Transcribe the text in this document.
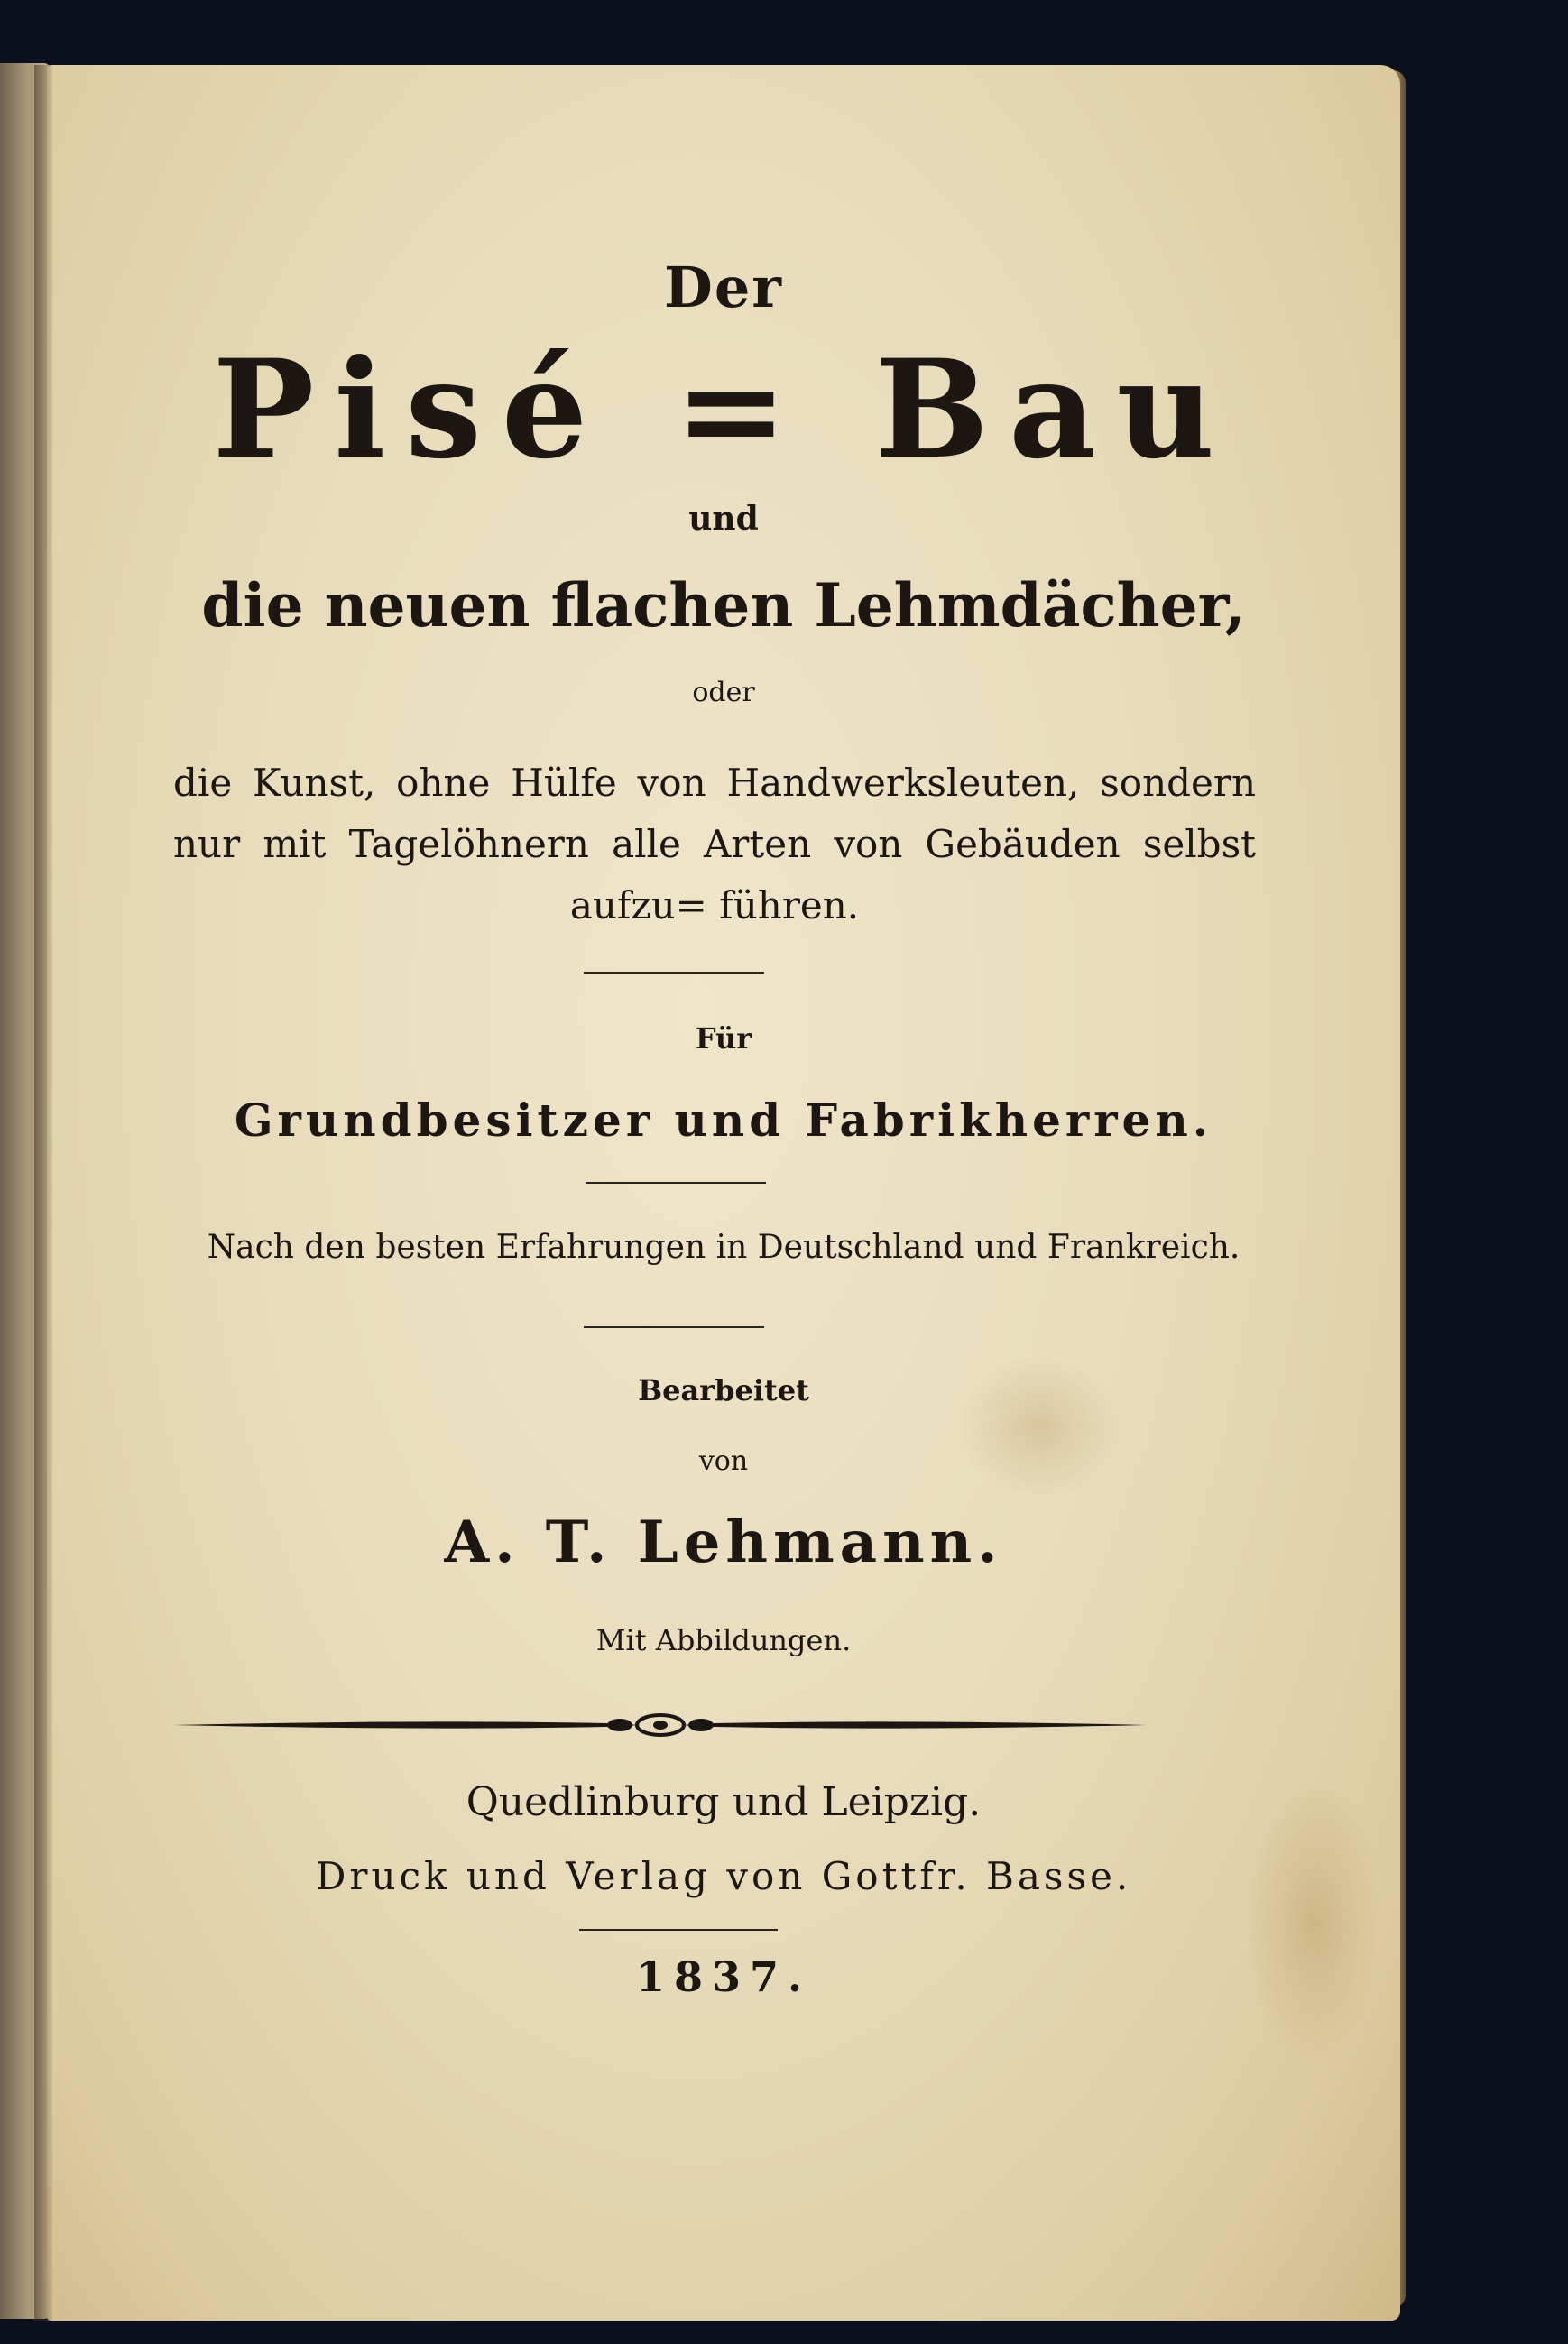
Der
Pisé = Bau
und
die neuen flachen Lehmdächer,
oder
die Kunst, ohne Hülfe von Handwerksleuten, sondern nur mit Tagelöhnern alle Arten von Gebäuden selbst aufzu= führen.
Für
Grundbesitzer und Fabrikherren.
Nach den besten Erfahrungen in Deutschland und Frankreich.
Bearbeitet
von
A. T. Lehmann.
Mit Abbildungen.
Quedlinburg und Leipzig.
Druck und Verlag von Gottfr. Basse.
1837.
